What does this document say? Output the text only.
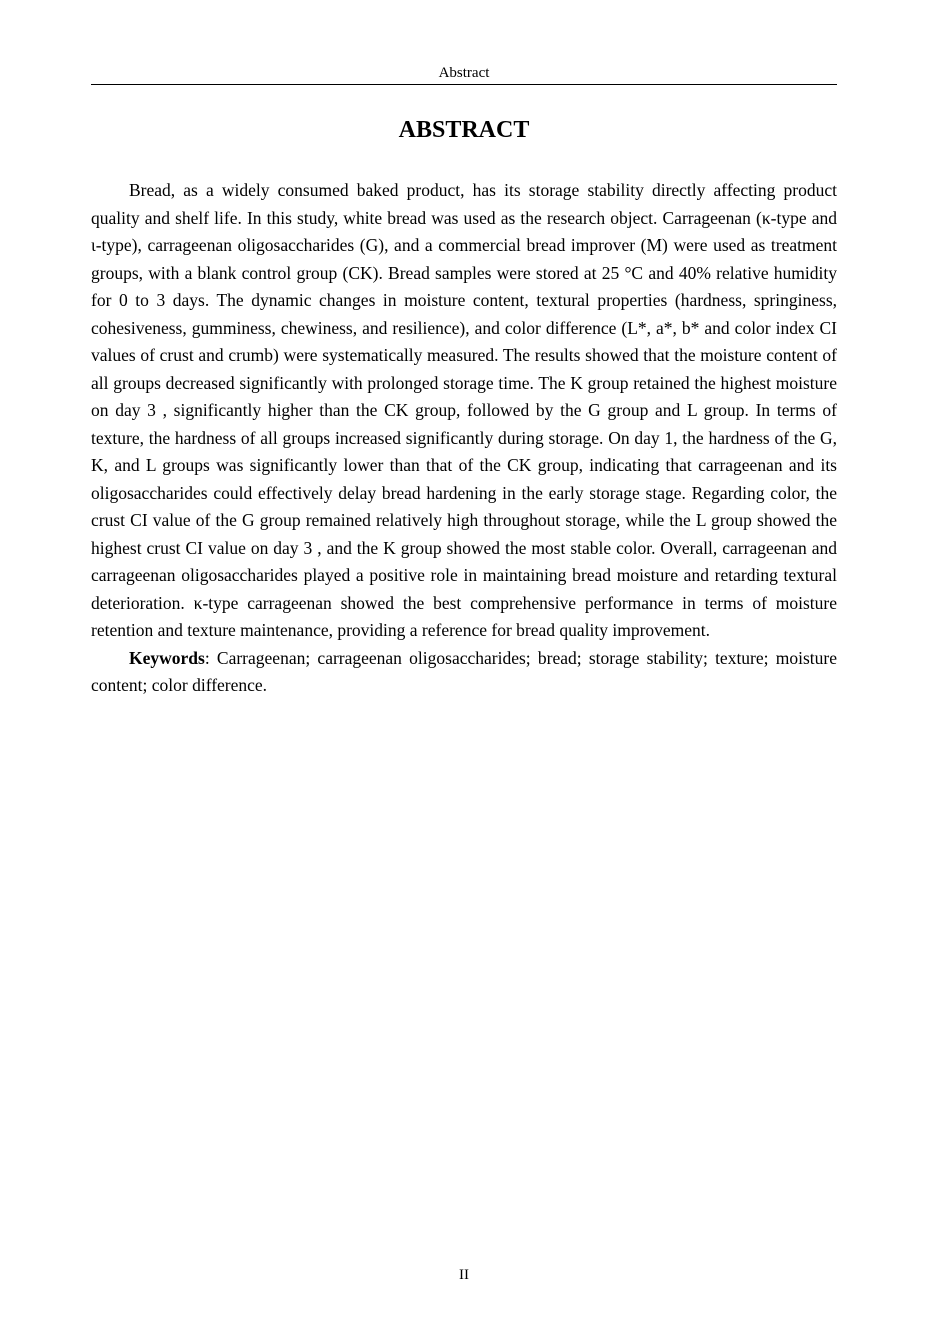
Abstract
ABSTRACT

Bread, as a widely consumed baked product, has its storage stability directly affecting product quality and shelf life. In this study, white bread was used as the research object. Carrageenan (κ-type and ι-type), carrageenan oligosaccharides (G), and a commercial bread improver (M) were used as treatment groups, with a blank control group (CK). Bread samples were stored at 25 °C and 40% relative humidity for 0 to 3 days. The dynamic changes in moisture content, textural properties (hardness, springiness, cohesiveness, gumminess, chewiness, and resilience), and color difference (L*, a*, b* and color index CI values of crust and crumb) were systematically measured. The results showed that the moisture content of all groups decreased significantly with prolonged storage time. The K group retained the highest moisture on day 3 , significantly higher than the CK group, followed by the G group and L group. In terms of texture, the hardness of all groups increased significantly during storage. On day 1, the hardness of the G, K, and L groups was significantly lower than that of the CK group, indicating that carrageenan and its oligosaccharides could effectively delay bread hardening in the early storage stage. Regarding color, the crust CI value of the G group remained relatively high throughout storage, while the L group showed the highest crust CI value on day 3 , and the K group showed the most stable color. Overall, carrageenan and carrageenan oligosaccharides played a positive role in maintaining bread moisture and retarding textural deterioration. κ-type carrageenan showed the best comprehensive performance in terms of moisture retention and texture maintenance, providing a reference for bread quality improvement.

Keywords: Carrageenan; carrageenan oligosaccharides; bread; storage stability; texture; moisture content; color difference.

II
